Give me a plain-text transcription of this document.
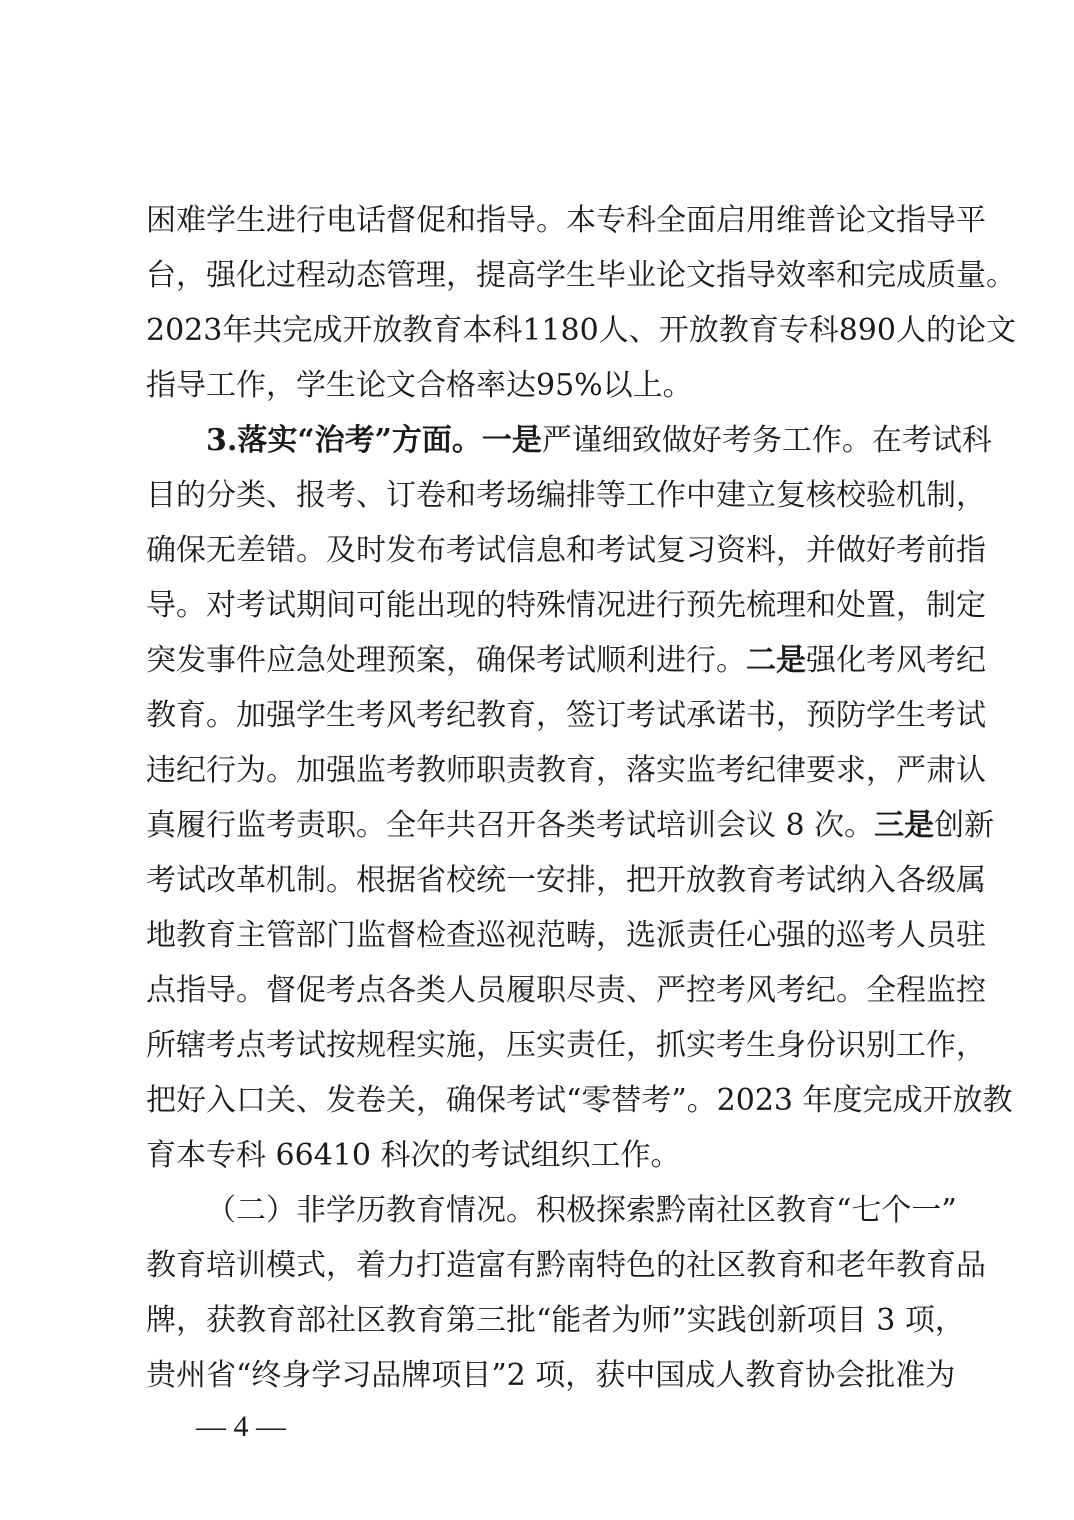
困难学生进行电话督促和指导。本专科全面启用维普论文指导平
台，强化过程动态管理，提高学生毕业论文指导效率和完成质量。
2023年共完成开放教育本科1180人、开放教育专科890人的论文
指导工作，学生论文合格率达95%以上。
3.落实“治考”方面。一是严谨细致做好考务工作。在考试科
目的分类、报考、订卷和考场编排等工作中建立复核校验机制，
确保无差错。及时发布考试信息和考试复习资料，并做好考前指
导。对考试期间可能出现的特殊情况进行预先梳理和处置，制定
突发事件应急处理预案，确保考试顺利进行。二是强化考风考纪
教育。加强学生考风考纪教育，签订考试承诺书，预防学生考试
违纪行为。加强监考教师职责教育，落实监考纪律要求，严肃认
真履行监考责职。全年共召开各类考试培训会议 8 次。三是创新
考试改革机制。根据省校统一安排，把开放教育考试纳入各级属
地教育主管部门监督检查巡视范畴，选派责任心强的巡考人员驻
点指导。督促考点各类人员履职尽责、严控考风考纪。全程监控
所辖考点考试按规程实施，压实责任，抓实考生身份识别工作，
把好入口关、发卷关，确保考试“零替考”。2023 年度完成开放教
育本专科 66410 科次的考试组织工作。
（二）非学历教育情况。积极探索黔南社区教育“七个一”
教育培训模式，着力打造富有黔南特色的社区教育和老年教育品
牌，获教育部社区教育第三批“能者为师”实践创新项目 3 项，
贵州省“终身学习品牌项目”2 项，获中国成人教育协会批准为
— 4 —
